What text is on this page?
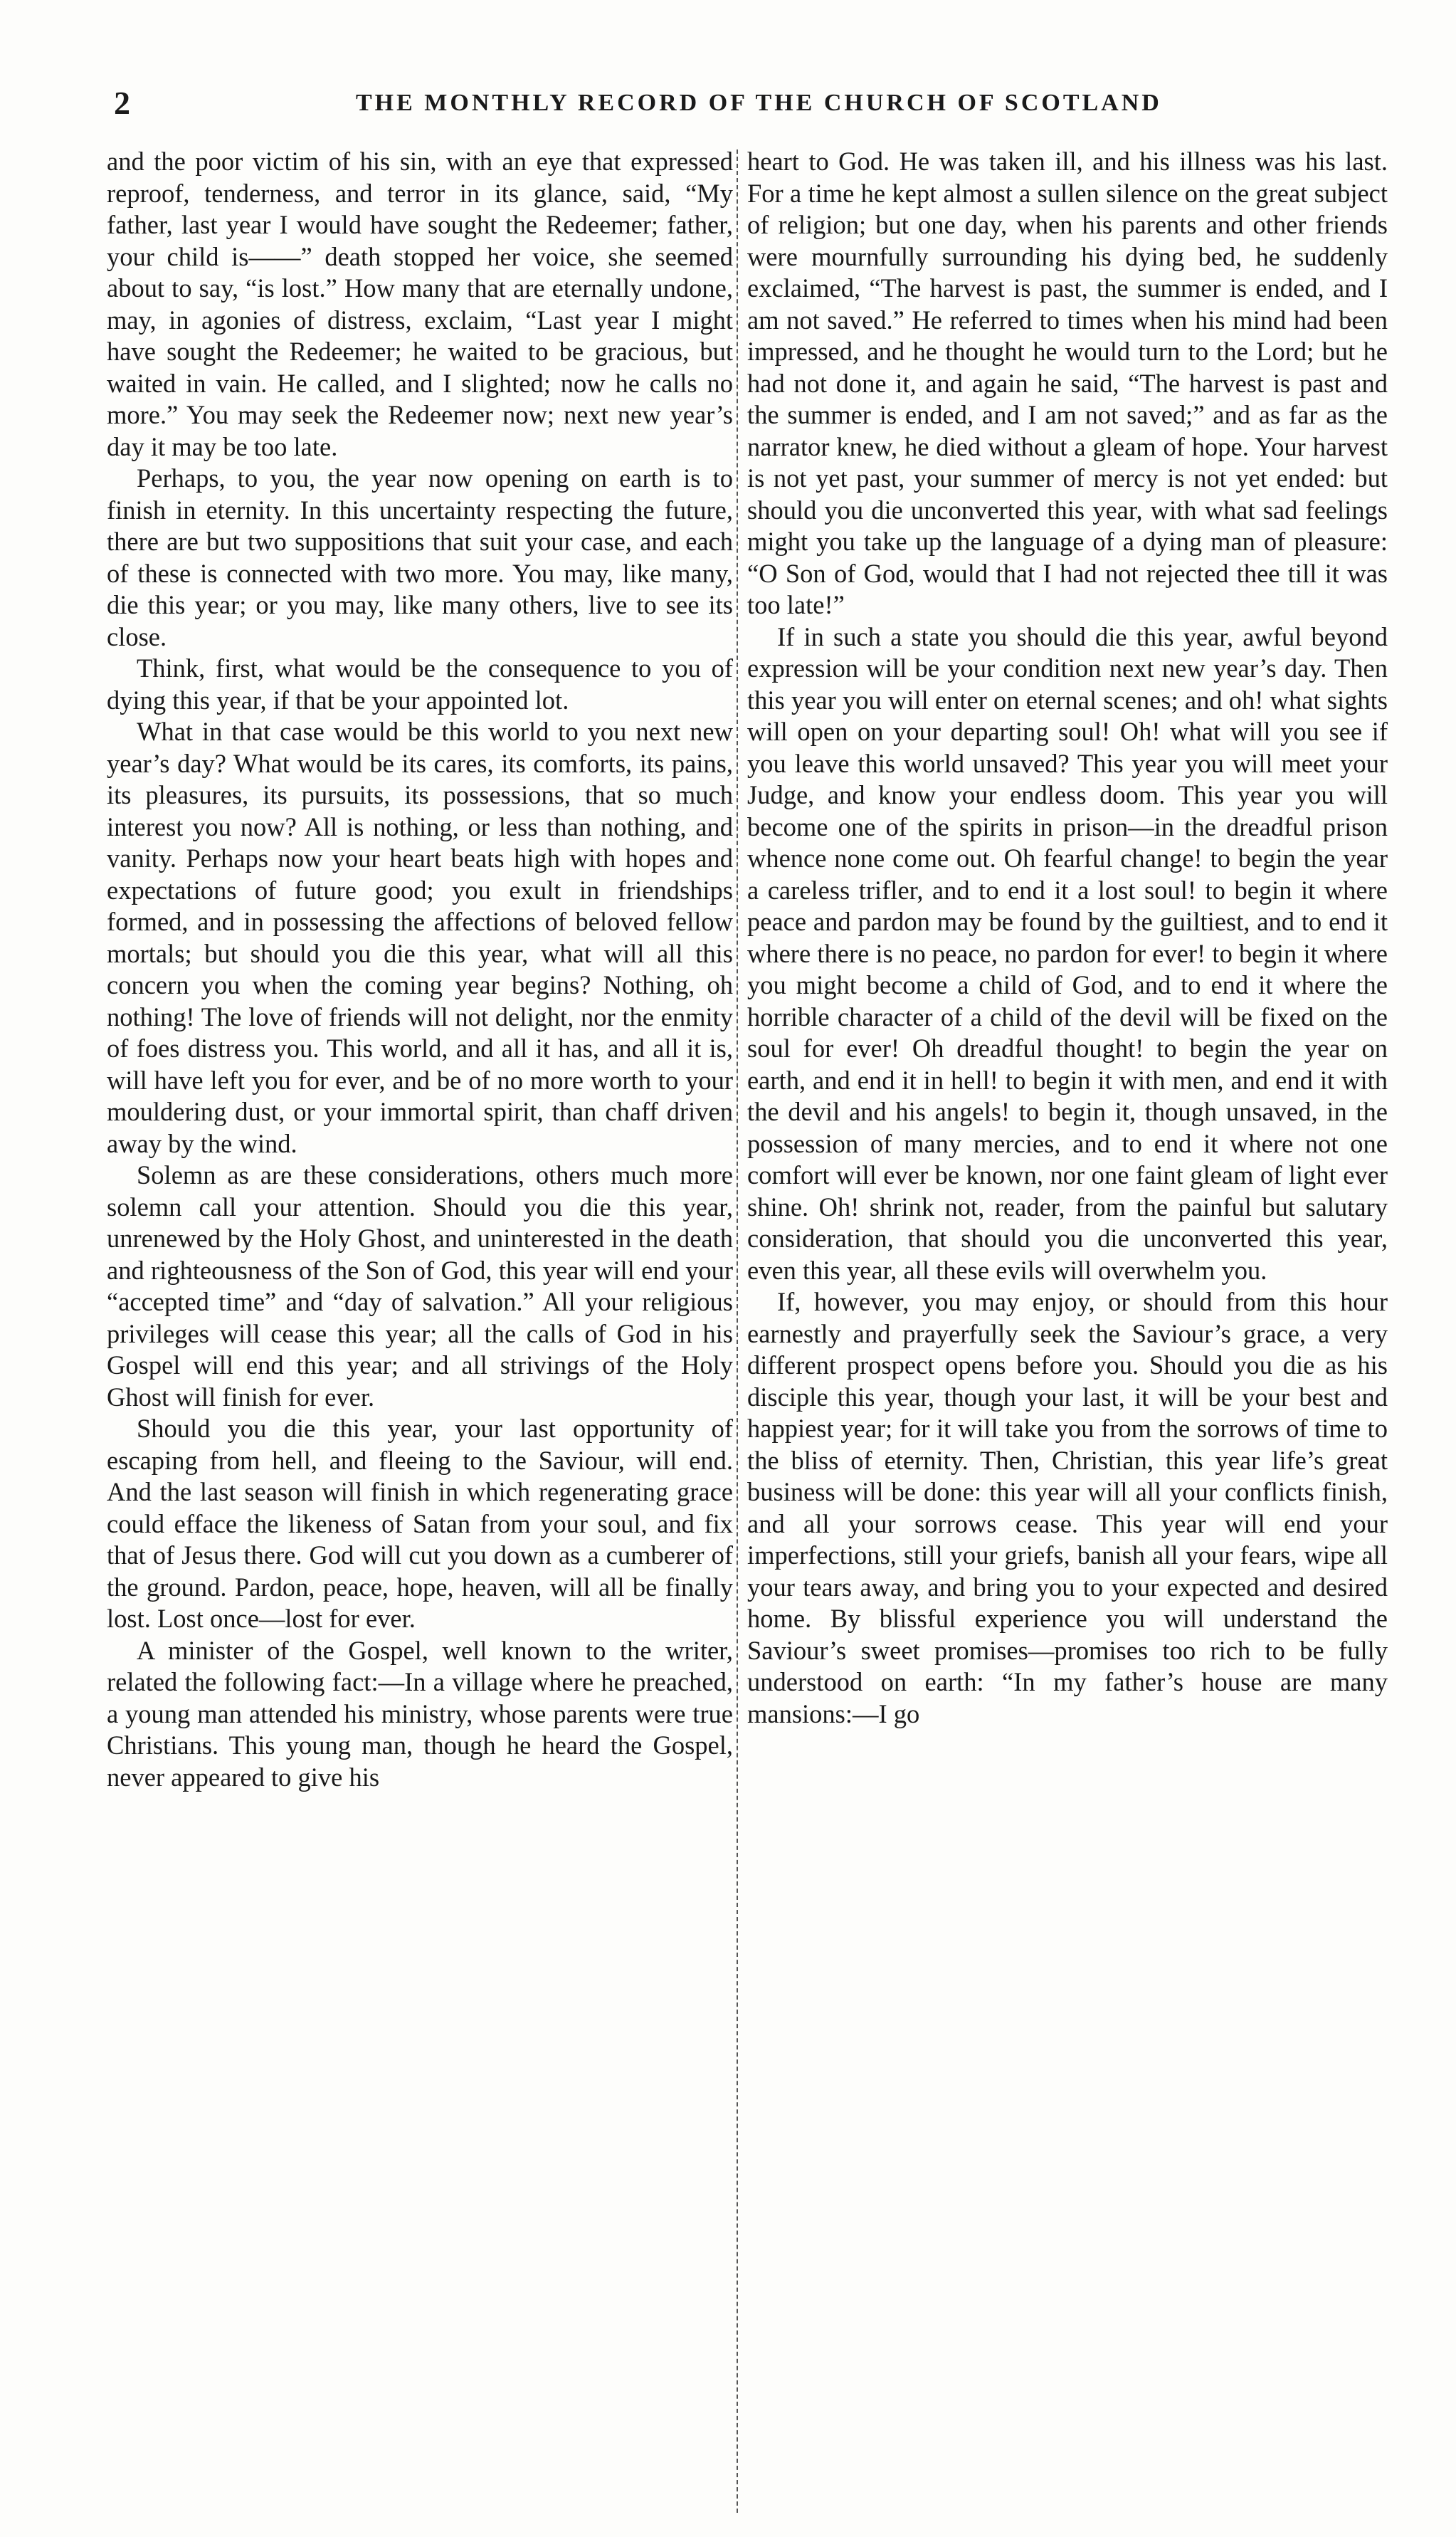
2	THE MONTHLY RECORD OF THE CHURCH OF SCOTLAND

and the poor victim of his sin, with an eye that expressed reproof, tenderness, and terror in its glance, said, “My father, last year I would have sought the Redeemer; father, your child is——” death stopped her voice, she seemed about to say, “is lost.” How many that are eternally undone, may, in agonies of distress, exclaim, “Last year I might have sought the Redeemer; he waited to be gracious, but waited in vain. He called, and I slighted; now he calls no more.” You may seek the Redeemer now; next new year’s day it may be too late.

Perhaps, to you, the year now opening on earth is to finish in eternity. In this uncertainty respecting the future, there are but two suppositions that suit your case, and each of these is connected with two more. You may, like many, die this year; or you may, like many others, live to see its close.

Think, first, what would be the consequence to you of dying this year, if that be your appointed lot.

What in that case would be this world to you next new year’s day? What would be its cares, its comforts, its pains, its pleasures, its pursuits, its possessions, that so much interest you now? All is nothing, or less than nothing, and vanity. Perhaps now your heart beats high with hopes and expectations of future good; you exult in friendships formed, and in possessing the affections of beloved fellow mortals; but should you die this year, what will all this concern you when the coming year begins? Nothing, oh nothing! The love of friends will not delight, nor the enmity of foes distress you. This world, and all it has, and all it is, will have left you for ever, and be of no more worth to your mouldering dust, or your immortal spirit, than chaff driven away by the wind.

Solemn as are these considerations, others much more solemn call your attention. Should you die this year, unrenewed by the Holy Ghost, and uninterested in the death and righteousness of the Son of God, this year will end your “accepted time” and “day of salvation.” All your religious privileges will cease this year; all the calls of God in his Gospel will end this year; and all strivings of the Holy Ghost will finish for ever.

Should you die this year, your last opportunity of escaping from hell, and fleeing to the Saviour, will end. And the last season will finish in which regenerating grace could efface the likeness of Satan from your soul, and fix that of Jesus there. God will cut you down as a cumberer of the ground. Pardon, peace, hope, heaven, will all be finally lost. Lost once—lost for ever.

A minister of the Gospel, well known to the writer, related the following fact:—In a village where he preached, a young man attended his ministry, whose parents were true Christians. This young man, though he heard the Gospel, never appeared to give his

heart to God. He was taken ill, and his illness was his last. For a time he kept almost a sullen silence on the great subject of religion; but one day, when his parents and other friends were mournfully surrounding his dying bed, he suddenly exclaimed, “The harvest is past, the summer is ended, and I am not saved.” He referred to times when his mind had been impressed, and he thought he would turn to the Lord; but he had not done it, and again he said, “The harvest is past and the summer is ended, and I am not saved;” and as far as the narrator knew, he died without a gleam of hope. Your harvest is not yet past, your summer of mercy is not yet ended: but should you die unconverted this year, with what sad feelings might you take up the language of a dying man of pleasure: “O Son of God, would that I had not rejected thee till it was too late!”

If in such a state you should die this year, awful beyond expression will be your condition next new year’s day. Then this year you will enter on eternal scenes; and oh! what sights will open on your departing soul! Oh! what will you see if you leave this world unsaved? This year you will meet your Judge, and know your endless doom. This year you will become one of the spirits in prison—in the dreadful prison whence none come out. Oh fearful change! to begin the year a careless trifler, and to end it a lost soul! to begin it where peace and pardon may be found by the guiltiest, and to end it where there is no peace, no pardon for ever! to begin it where you might become a child of God, and to end it where the horrible character of a child of the devil will be fixed on the soul for ever! Oh dreadful thought! to begin the year on earth, and end it in hell! to begin it with men, and end it with the devil and his angels! to begin it, though unsaved, in the possession of many mercies, and to end it where not one comfort will ever be known, nor one faint gleam of light ever shine. Oh! shrink not, reader, from the painful but salutary consideration, that should you die unconverted this year, even this year, all these evils will overwhelm you.

If, however, you may enjoy, or should from this hour earnestly and prayerfully seek the Saviour’s grace, a very different prospect opens before you. Should you die as his disciple this year, though your last, it will be your best and happiest year; for it will take you from the sorrows of time to the bliss of eternity. Then, Christian, this year life’s great business will be done: this year will all your conflicts finish, and all your sorrows cease. This year will end your imperfections, still your griefs, banish all your fears, wipe all your tears away, and bring you to your expected and desired home. By blissful experience you will understand the Saviour’s sweet promises—promises too rich to be fully understood on earth: “In my father’s house are many mansions:—I go
